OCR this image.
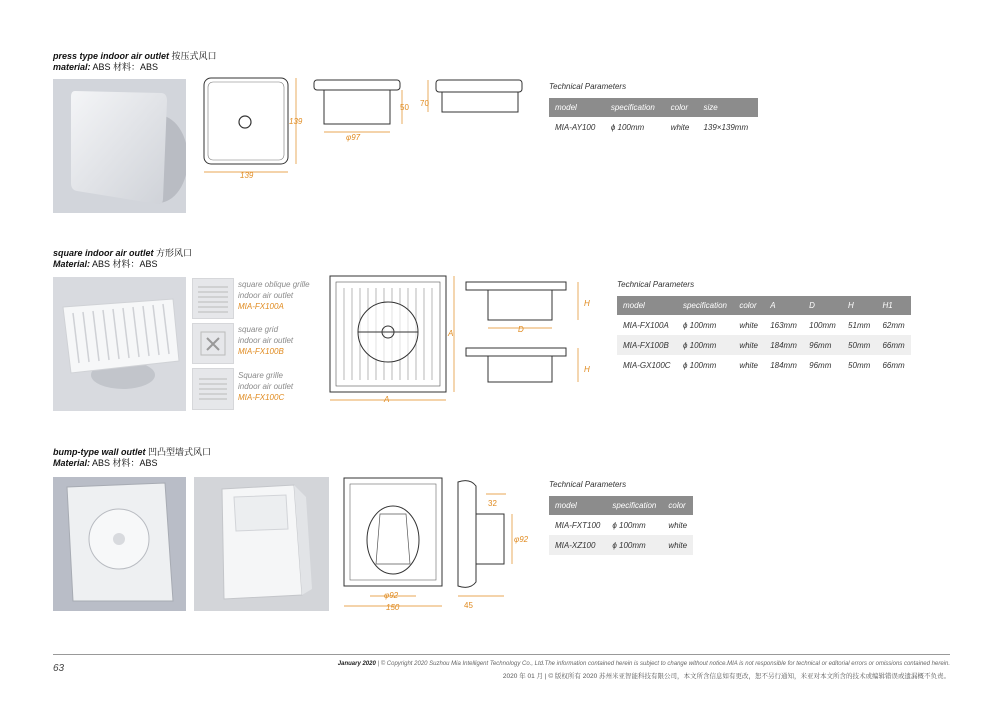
press type indoor air outlet 按压式风口
material: ABS 材料：ABS
139
139
φ97
50 70
Technical Parameters
model	specification	color	size
MIA-AY100	ϕ 100mm	white	139×139mm
square indoor air outlet 方形风口
Material: ABS 材料：ABS
square oblique grille
indoor air outlet
MIA-FX100A
square grid
indoor air outlet
MIA-FX100B
Square grille
indoor air outlet
MIA-FX100C	A
A	D
H
H
Technical Parameters
model	specification	color	A	D	H	H1
MIA-FX100A	ϕ 100mm	white	163mm	100mm	51mm	62mm
MIA-FX100B	ϕ 100mm	white	184mm	96mm	50mm	66mm
MIA-GX100C	ϕ 100mm	white	184mm	96mm	50mm	66mm
bump-type wall outlet 凹凸型墙式风口
Material: ABS 材料：ABS
φ92
150
32
φ92
45
Technical Parameters
model	specification	color
MIA-FXT100	ϕ 100mm	white
MIA-XZ100	ϕ 100mm	white
63	January 2020 | © Copyright 2020 Suzhou Mia Intelligent Technology Co., Ltd.The information contained herein is subject to change without notice.MIA is not responsible for technical or editorial errors or omissions contained herein.
2020 年 01 月 | © 版权所有 2020 苏州米亚智能科技有限公司，本文所含信息如有更改，恕不另行通知，米亚对本文所含的技术或编辑错误或遗漏概不负责。
